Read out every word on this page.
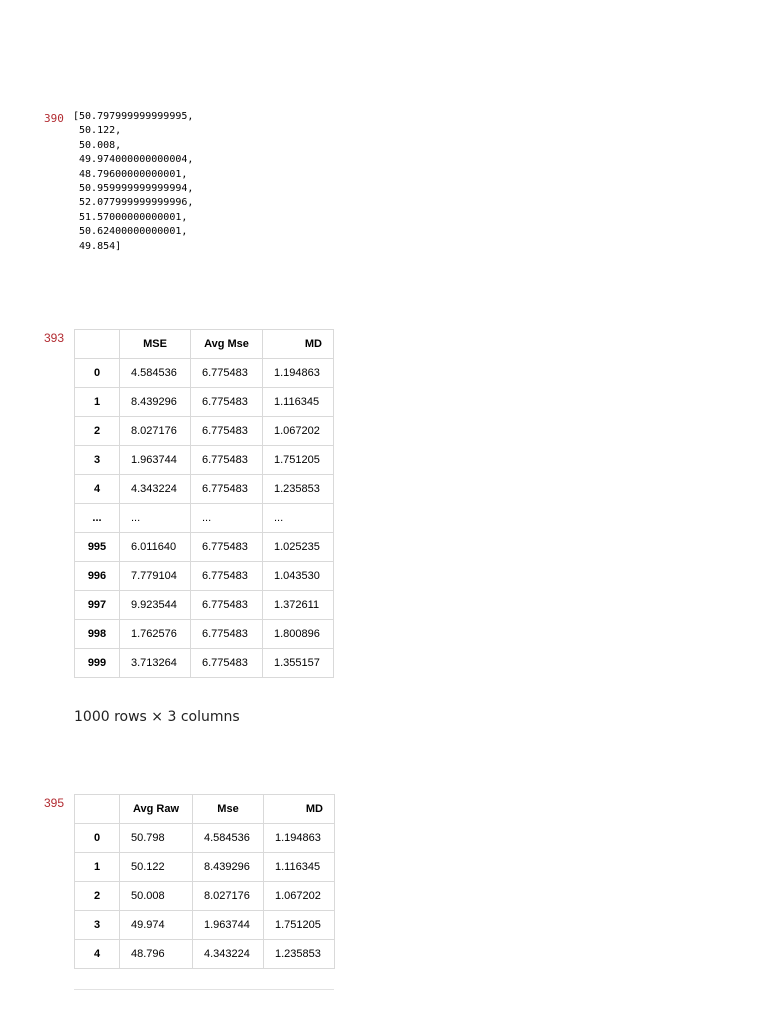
390 [50.797999999999995,
50.122,
50.008,
49.974000000000004,
48.79600000000001,
50.959999999999994,
52.077999999999996,
51.57000000000001,
50.62400000000001,
49.854]
393
		MSE	Avg Mse	MD
0	4.584536	6.775483	1.194863
1	8.439296	6.775483	1.116345
2	8.027176	6.775483	1.067202
3	1.963744	6.775483	1.751205
4	4.343224	6.775483	1.235853
...	...	...	...
995	6.011640	6.775483	1.025235
996	7.779104	6.775483	1.043530
997	9.923544	6.775483	1.372611
998	1.762576	6.775483	1.800896
999	3.713264	6.775483	1.355157
1000 rows × 3 columns
395
		Avg Raw	Mse	MD
0	50.798	4.584536	1.194863
1	50.122	8.439296	1.116345
2	50.008	8.027176	1.067202
3	49.974	1.963744	1.751205
4	48.796	4.343224	1.235853
